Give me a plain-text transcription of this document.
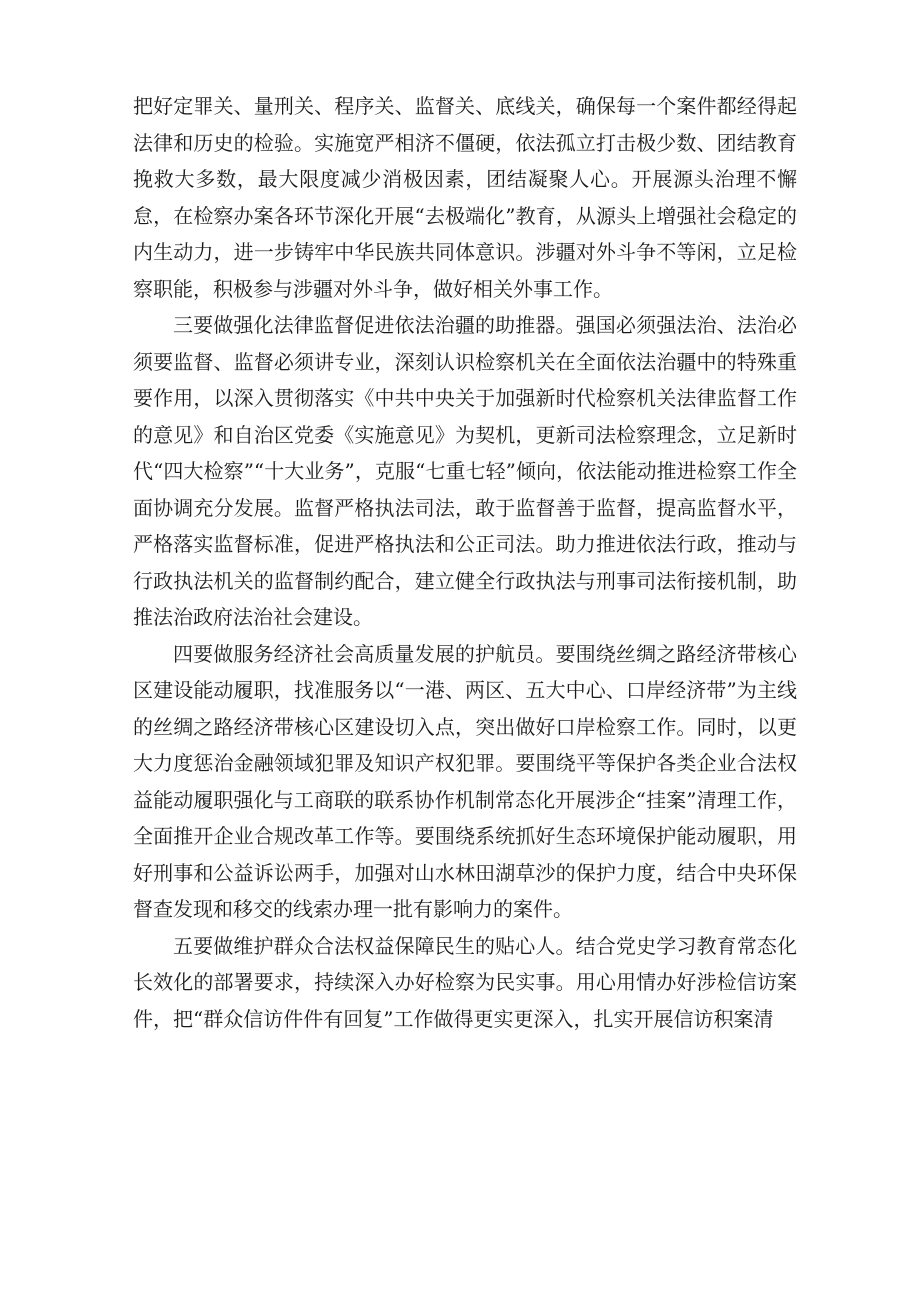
把好定罪关、量刑关、程序关、监督关、底线关，确保每一个案件都经得起法律和历史的检验。实施宽严相济不僵硬，依法孤立打击极少数、团结教育挽救大多数，最大限度减少消极因素，团结凝聚人心。开展源头治理不懈怠，在检察办案各环节深化开展“去极端化”教育，从源头上增强社会稳定的内生动力，进一步铸牢中华民族共同体意识。涉疆对外斗争不等闲，立足检察职能，积极参与涉疆对外斗争，做好相关外事工作。

三要做强化法律监督促进依法治疆的助推器。强国必须强法治、法治必须要监督、监督必须讲专业，深刻认识检察机关在全面依法治疆中的特殊重要作用，以深入贯彻落实《中共中央关于加强新时代检察机关法律监督工作的意见》和自治区党委《实施意见》为契机，更新司法检察理念，立足新时代“四大检察”“十大业务”，克服“七重七轻”倾向，依法能动推进检察工作全面协调充分发展。监督严格执法司法，敢于监督善于监督，提高监督水平，严格落实监督标准，促进严格执法和公正司法。助力推进依法行政，推动与行政执法机关的监督制约配合，建立健全行政执法与刑事司法衔接机制，助推法治政府法治社会建设。

四要做服务经济社会高质量发展的护航员。要围绕丝绸之路经济带核心区建设能动履职，找准服务以“一港、两区、五大中心、口岸经济带”为主线的丝绸之路经济带核心区建设切入点，突出做好口岸检察工作。同时，以更大力度惩治金融领域犯罪及知识产权犯罪。要围绕平等保护各类企业合法权益能动履职强化与工商联的联系协作机制常态化开展涉企“挂案”清理工作，全面推开企业合规改革工作等。要围绕系统抓好生态环境保护能动履职，用好刑事和公益诉讼两手，加强对山水林田湖草沙的保护力度，结合中央环保督查发现和移交的线索办理一批有影响力的案件。

五要做维护群众合法权益保障民生的贴心人。结合党史学习教育常态化长效化的部署要求，持续深入办好检察为民实事。用心用情办好涉检信访案件，把“群众信访件件有回复”工作做得更实更深入，扎实开展信访积案清
